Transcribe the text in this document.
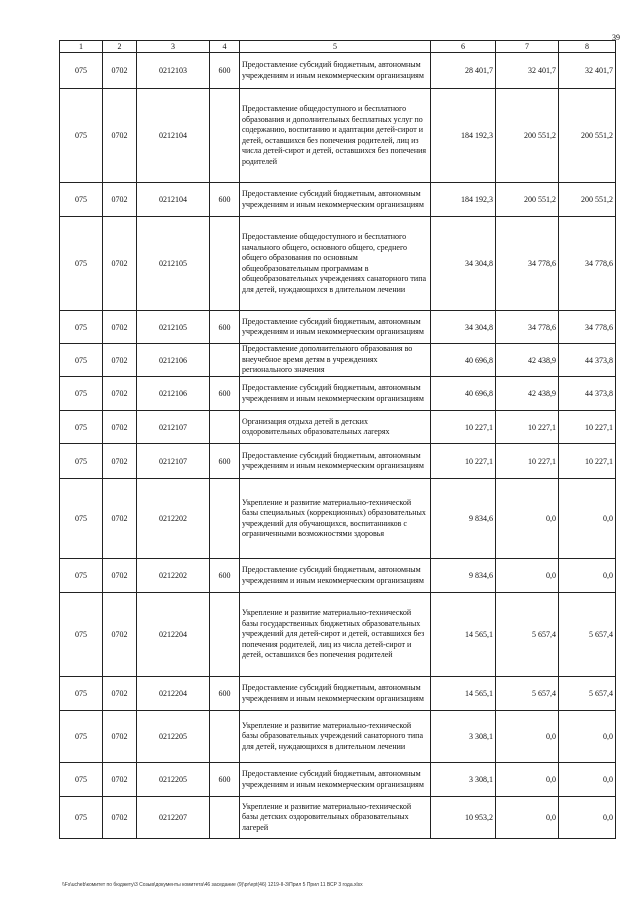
39
1	2	3	4	5	6	7	8
075	0702	0212103	600	Предоставление субсидий бюджетным, автономным учреждениям и иным некоммерческим организациям	28 401,7	32 401,7	32 401,7
075	0702	0212104		Предоставление общедоступного и бесплатного образования и дополнительных бесплатных услуг по содержанию, воспитанию и адаптации детей-сирот и детей, оставшихся без попечения родителей, лиц из числа детей-сирот и детей, оставшихся без попечения родителей	184 192,3	200 551,2	200 551,2
075	0702	0212104	600	Предоставление субсидий бюджетным, автономным учреждениям и иным некоммерческим организациям	184 192,3	200 551,2	200 551,2
075	0702	0212105		Предоставление общедоступного и бесплатного начального общего, основного общего, среднего общего образования по основным общеобразовательным программам в общеобразовательных учреждениях санаторного типа для детей, нуждающихся в длительном лечении	34 304,8	34 778,6	34 778,6
075	0702	0212105	600	Предоставление субсидий бюджетным, автономным учреждениям и иным некоммерческим организациям	34 304,8	34 778,6	34 778,6
075	0702	0212106		Предоставление дополнительного образования во внеучебное время детям в учреждениях регионального значения	40 696,8	42 438,9	44 373,8
075	0702	0212106	600	Предоставление субсидий бюджетным, автономным учреждениям и иным некоммерческим организациям	40 696,8	42 438,9	44 373,8
075	0702	0212107		Организация отдыха детей в детских оздоровительных образовательных лагерях	10 227,1	10 227,1	10 227,1
075	0702	0212107	600	Предоставление субсидий бюджетным, автономным учреждениям и иным некоммерческим организациям	10 227,1	10 227,1	10 227,1
075	0702	0212202		Укрепление и развитие материально-технической базы специальных (коррекционных) образовательных учреждений для обучающихся, воспитанников с ограниченными возможностями здоровья	9 834,6	0,0	0,0
075	0702	0212202	600	Предоставление субсидий бюджетным, автономным учреждениям и иным некоммерческим организациям	9 834,6	0,0	0,0
075	0702	0212204		Укрепление и развитие материально-технической базы государственных бюджетных образовательных учреждений для детей-сирот и детей, оставшихся без попечения родителей, лиц из числа детей-сирот и детей, оставшихся без попечения родителей	14 565,1	5 657,4	5 657,4
075	0702	0212204	600	Предоставление субсидий бюджетным, автономным учреждениям и иным некоммерческим организациям	14 565,1	5 657,4	5 657,4
075	0702	0212205		Укрепление и развитие материально-технической базы образовательных учреждений санаторного типа для детей, нуждающихся в длительном лечении	3 308,1	0,0	0,0
075	0702	0212205	600	Предоставление субсидий бюджетным, автономным учреждениям и иным некоммерческим организациям	3 308,1	0,0	0,0
075	0702	0212207		Укрепление и развитие материально-технической базы детских оздоровительных образовательных лагерей	10 953,2	0,0	0,0
\\Fs\ucheb\комитет по бюджету\3 Созыв\документы комитета\46 заседание (9)\pr\ept(46) 1219-II-3\Прил 5 Прил 11 ВСР 3 года.xlsx
